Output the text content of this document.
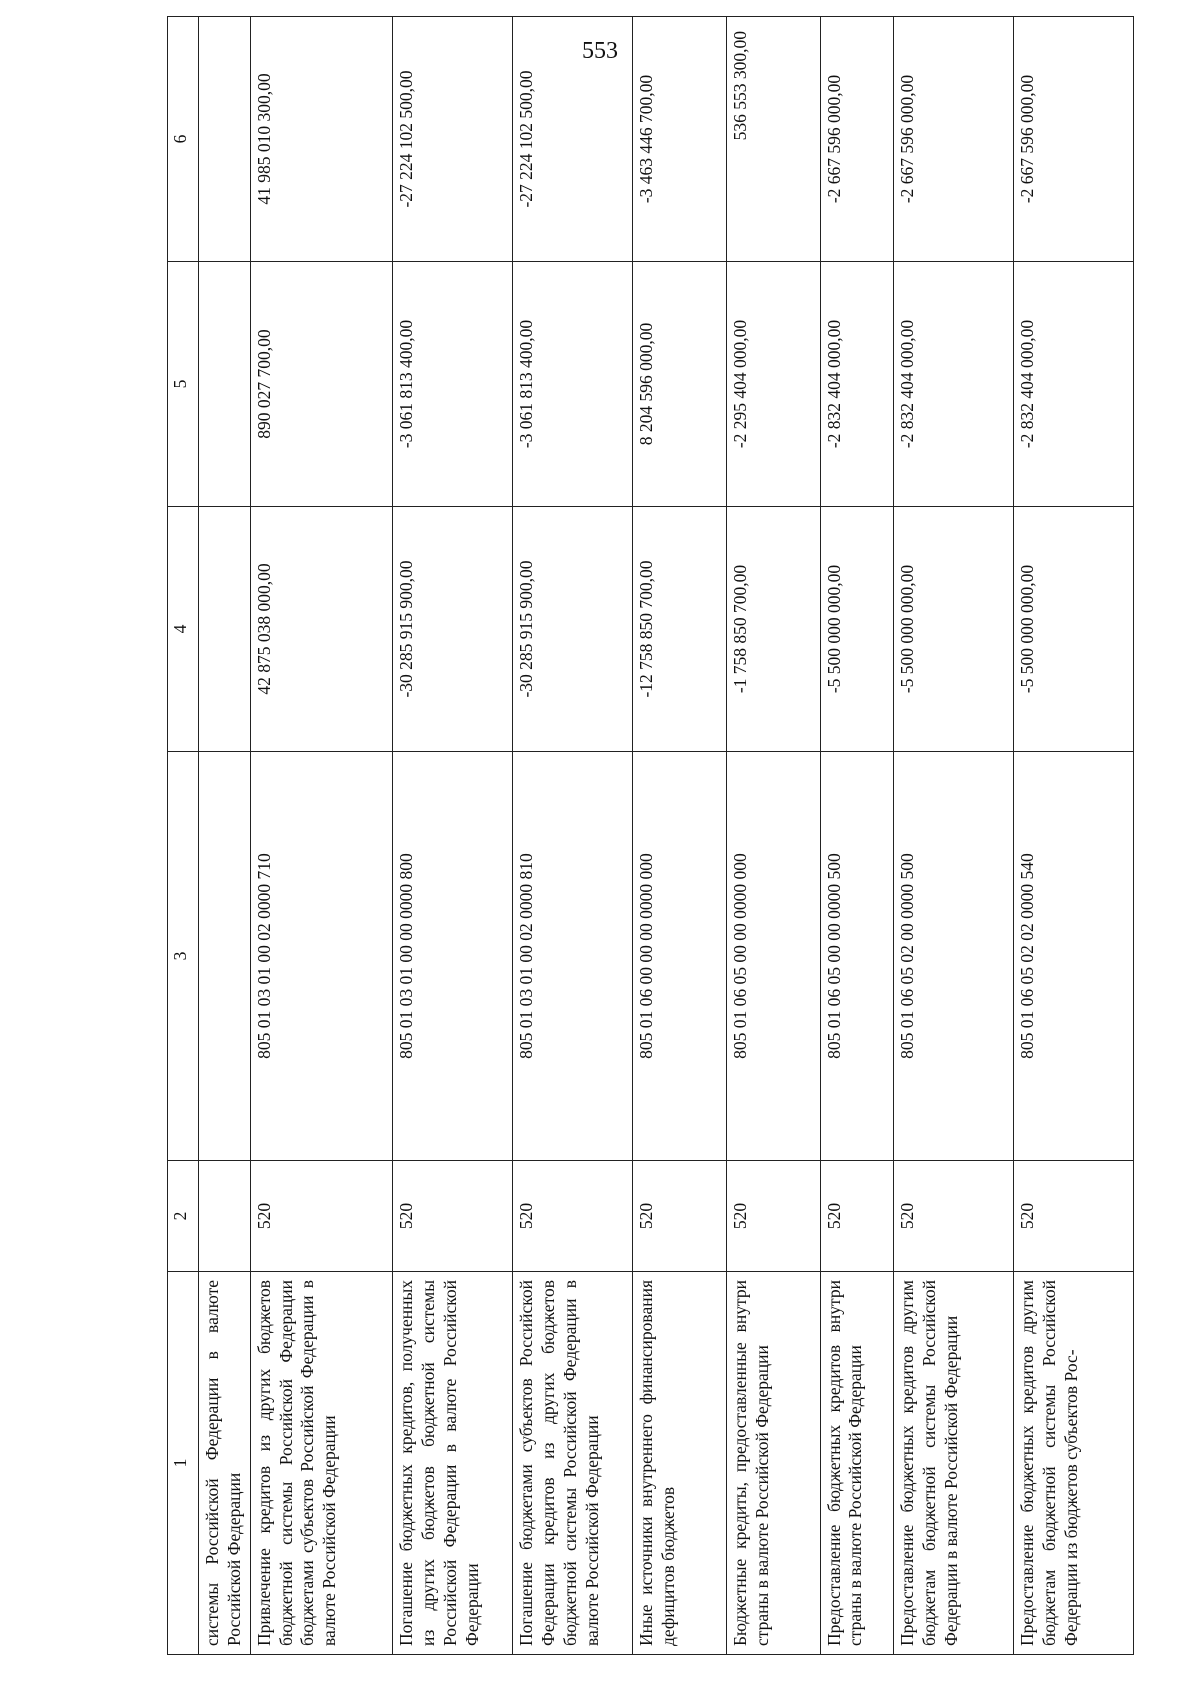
553
1	2	3	4	5	6
системы Российской Федерации в валюте Российской Федерации					
Привлечение кредитов из других бюджетов бюджетной системы Российской Федерации бюджетами субъектов Российской Федерации в валюте Российской Федерации	520	805 01 03 01 00 02 0000 710	42 875 038 000,00	890 027 700,00	41 985 010 300,00
Погашение бюджетных кредитов, полученных из других бюджетов бюджетной системы Российской Федерации в валюте Российской Федерации	520	805 01 03 01 00 00 0000 800	-30 285 915 900,00	-3 061 813 400,00	-27 224 102 500,00
Погашение бюджетами субъектов Российской Федерации кредитов из других бюджетов бюджетной системы Российской Федерации в валюте Российской Федерации	520	805 01 03 01 00 02 0000 810	-30 285 915 900,00	-3 061 813 400,00	-27 224 102 500,00
Иные источники внутреннего финансирования дефицитов бюджетов	520	805 01 06 00 00 00 0000 000	-12 758 850 700,00	8 204 596 000,00	-3 463 446 700,00
Бюджетные кредиты, предоставленные внутри страны в валюте Российской Федерации	520	805 01 06 05 00 00 0000 000	-1 758 850 700,00	-2 295 404 000,00	536 553 300,00
Предоставление бюджетных кредитов внутри страны в валюте Российской Федерации	520	805 01 06 05 00 00 0000 500	-5 500 000 000,00	-2 832 404 000,00	-2 667 596 000,00
Предоставление бюджетных кредитов другим бюджетам бюджетной системы Российской Федерации в валюте Российской Федерации	520	805 01 06 05 02 00 0000 500	-5 500 000 000,00	-2 832 404 000,00	-2 667 596 000,00
Предоставление бюджетных кредитов другим бюджетам бюджетной системы Российской Федерации из бюджетов субъектов Рос-	520	805 01 06 05 02 02 0000 540	-5 500 000 000,00	-2 832 404 000,00	-2 667 596 000,00
